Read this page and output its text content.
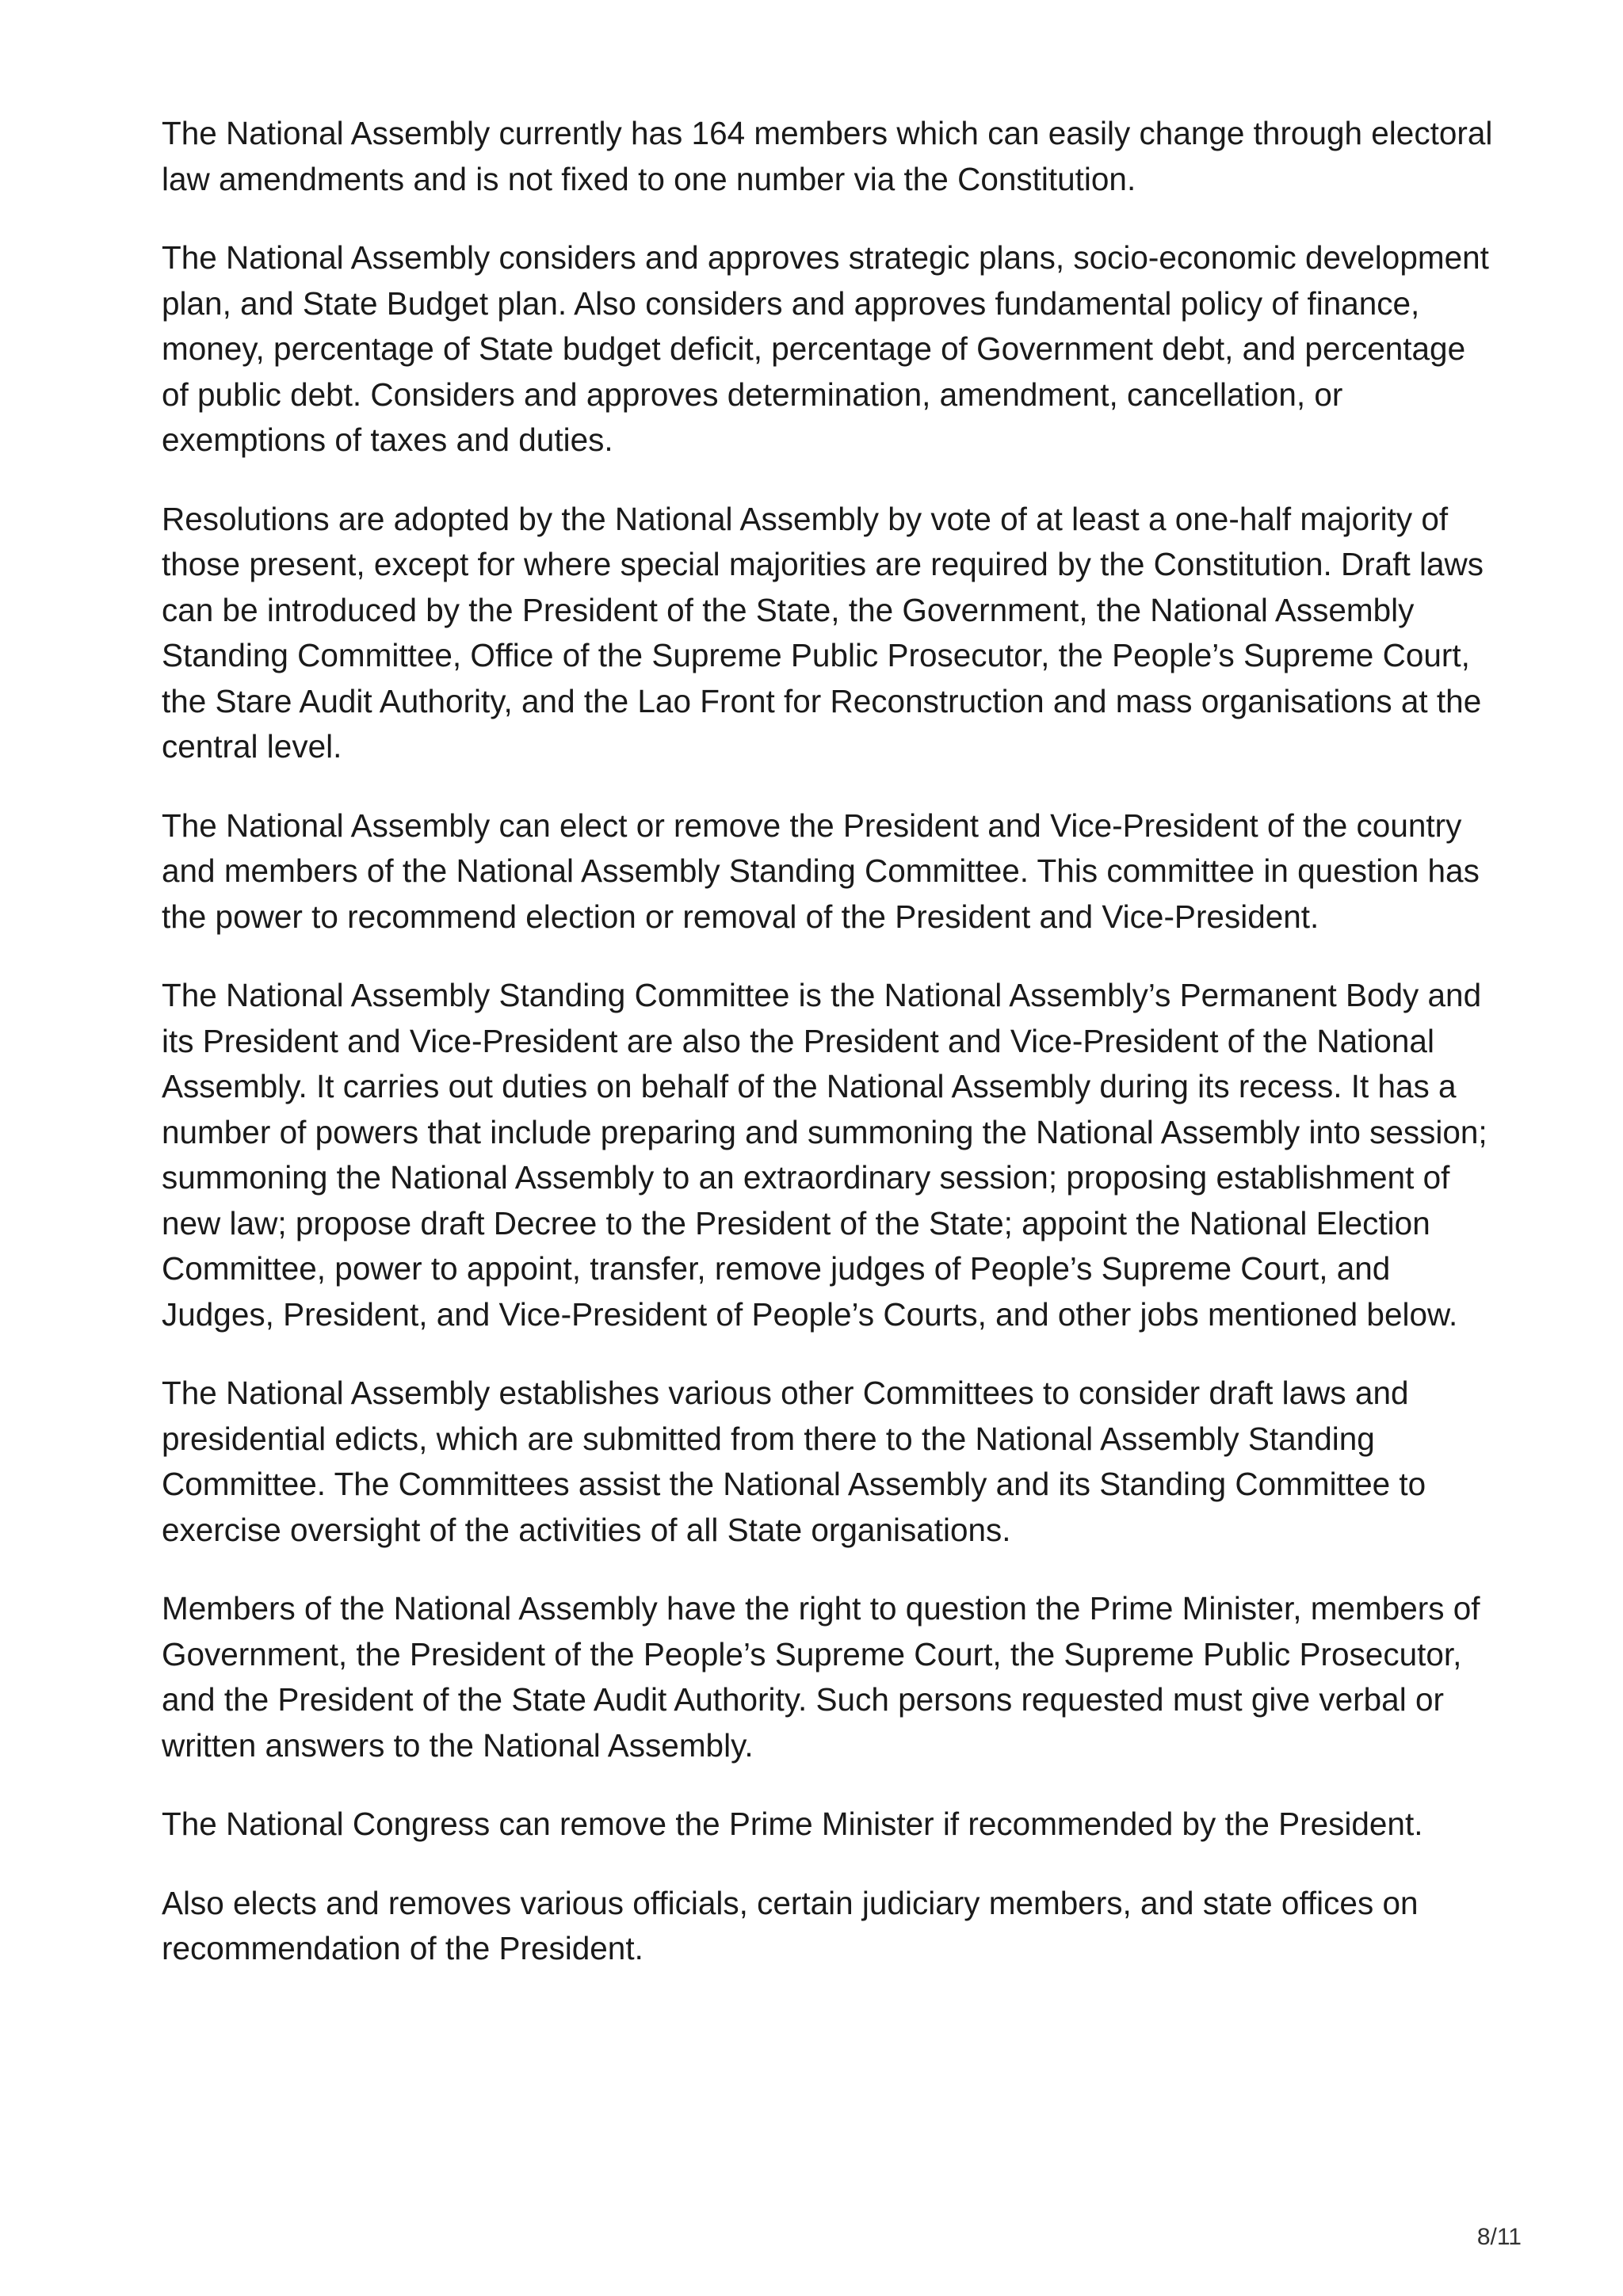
The National Assembly currently has 164 members which can easily change through electoral law amendments and is not fixed to one number via the Constitution.

The National Assembly considers and approves strategic plans, socio-economic development plan, and State Budget plan. Also considers and approves fundamental policy of finance, money, percentage of State budget deficit, percentage of Government debt, and percentage of public debt. Considers and approves determination, amendment, cancellation, or exemptions of taxes and duties.

Resolutions are adopted by the National Assembly by vote of at least a one-half majority of those present, except for where special majorities are required by the Constitution. Draft laws can be introduced by the President of the State, the Government, the National Assembly Standing Committee, Office of the Supreme Public Prosecutor, the People’s Supreme Court, the Stare Audit Authority, and the Lao Front for Reconstruction and mass organisations at the central level.

The National Assembly can elect or remove the President and Vice-President of the country and members of the National Assembly Standing Committee. This committee in question has the power to recommend election or removal of the President and Vice-President.

The National Assembly Standing Committee is the National Assembly’s Permanent Body and its President and Vice-President are also the President and Vice-President of the National Assembly. It carries out duties on behalf of the National Assembly during its recess. It has a number of powers that include preparing and summoning the National Assembly into session; summoning the National Assembly to an extraordinary session; proposing establishment of new law; propose draft Decree to the President of the State; appoint the National Election Committee, power to appoint, transfer, remove judges of People’s Supreme Court, and Judges, President, and Vice-President of People’s Courts, and other jobs mentioned below.

The National Assembly establishes various other Committees to consider draft laws and presidential edicts, which are submitted from there to the National Assembly Standing Committee. The Committees assist the National Assembly and its Standing Committee to exercise oversight of the activities of all State organisations.

Members of the National Assembly have the right to question the Prime Minister, members of Government, the President of the People’s Supreme Court, the Supreme Public Prosecutor, and the President of the State Audit Authority. Such persons requested must give verbal or written answers to the National Assembly.

The National Congress can remove the Prime Minister if recommended by the President.

Also elects and removes various officials, certain judiciary members, and state offices on recommendation of the President.

8/11
